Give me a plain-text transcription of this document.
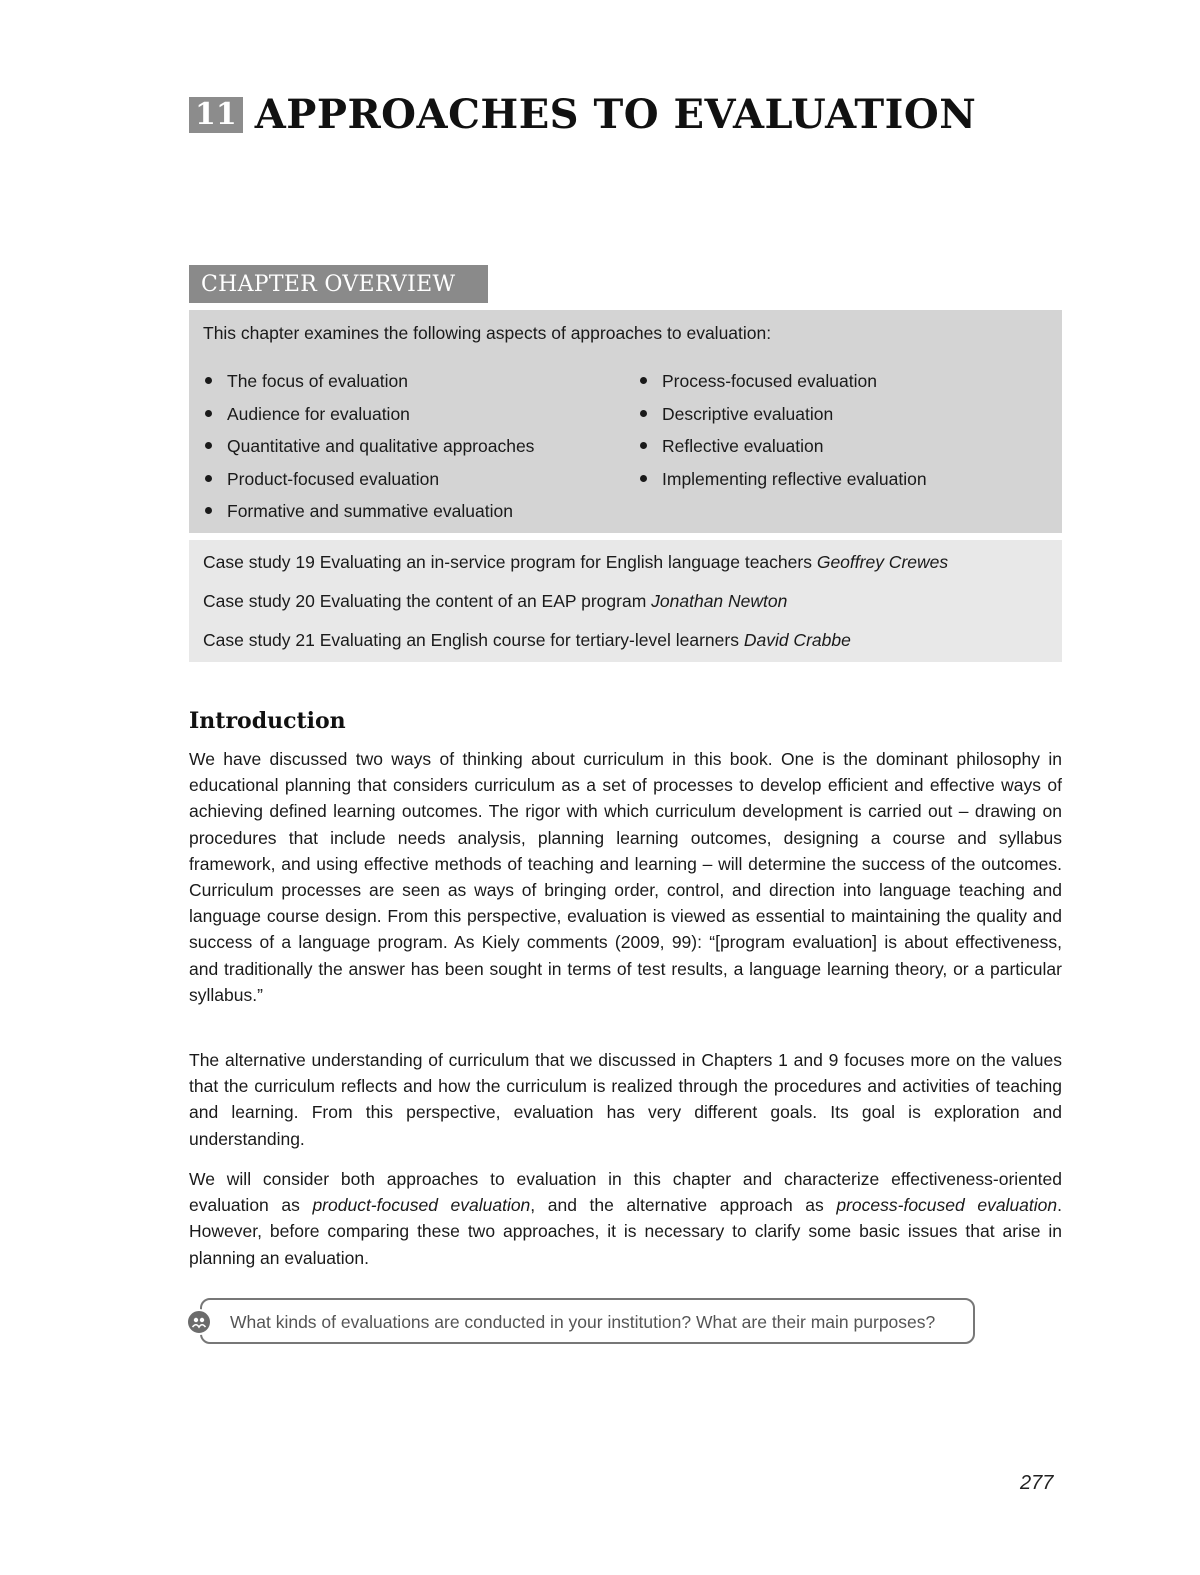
11 APPROACHES TO EVALUATION
CHAPTER OVERVIEW

This chapter examines the following aspects of approaches to evaluation:

The focus of evaluation
Audience for evaluation
Quantitative and qualitative approaches
Product-focused evaluation
Formative and summative evaluation
Process-focused evaluation
Descriptive evaluation
Reflective evaluation
Implementing reflective evaluation
Case study 19 Evaluating an in-service program for English language teachers Geoffrey Crewes
Case study 20 Evaluating the content of an EAP program Jonathan Newton
Case study 21 Evaluating an English course for tertiary-level learners David Crabbe
Introduction

We have discussed two ways of thinking about curriculum in this book. One is the dominant philosophy in educational planning that considers curriculum as a set of processes to develop efficient and effective ways of achieving defined learning outcomes. The rigor with which curriculum development is carried out – drawing on procedures that include needs analysis, planning learning outcomes, designing a course and syllabus framework, and using effective methods of teaching and learning – will determine the success of the outcomes. Curriculum processes are seen as ways of bringing order, control, and direction into language teaching and language course design. From this perspective, evaluation is viewed as essential to maintaining the quality and success of a language program. As Kiely comments (2009, 99): “[program evaluation] is about effectiveness, and traditionally the answer has been sought in terms of test results, a language learning theory, or a particular syllabus.”

The alternative understanding of curriculum that we discussed in Chapters 1 and 9 focuses more on the values that the curriculum reflects and how the curriculum is realized through the procedures and activities of teaching and learning. From this perspective, evaluation has very different goals. Its goal is exploration and understanding.

We will consider both approaches to evaluation in this chapter and characterize effectiveness-oriented evaluation as product-focused evaluation, and the alternative approach as process-focused evaluation. However, before comparing these two approaches, it is necessary to clarify some basic issues that arise in planning an evaluation.

What kinds of evaluations are conducted in your institution? What are their main purposes?
277
